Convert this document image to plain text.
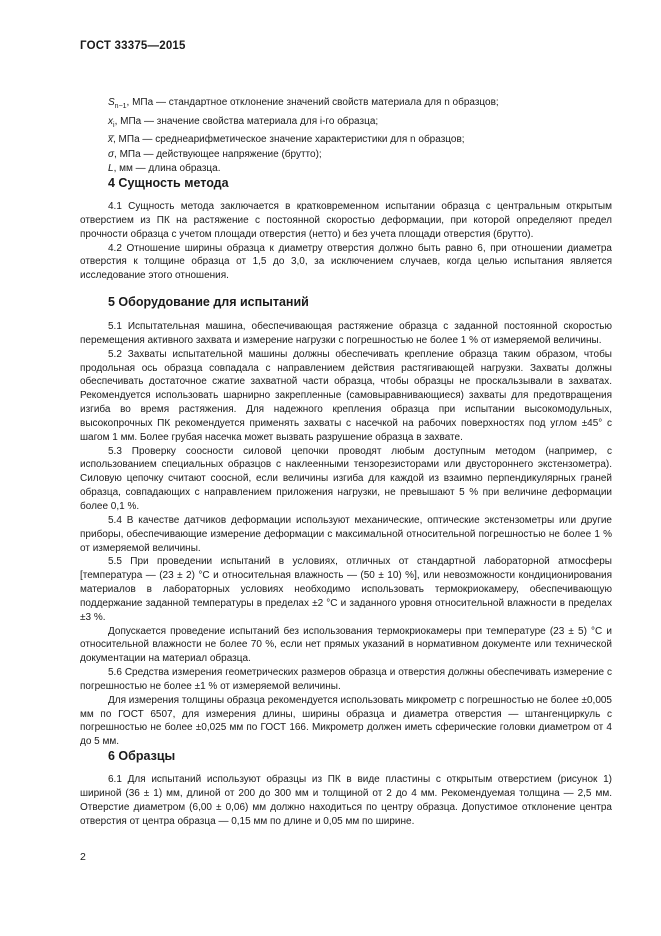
ГОСТ 33375—2015
$S_{n-1}$, МПа — стандартное отклонение значений свойств материала для n образцов;
$x_i$, МПа — значение свойства материала для i-го образца;
x̅, МПа — среднеарифметическое значение характеристики для n образцов;
σ, МПа — действующее напряжение (брутто);
L, мм — длина образца.
4 Сущность метода

4.1 Сущность метода заключается в кратковременном испытании образца с центральным открытым отверстием из ПК на растяжение с постоянной скоростью деформации, при которой определяют предел прочности образца с учетом площади отверстия (нетто) и без учета площади отверстия (брутто).

4.2 Отношение ширины образца к диаметру отверстия должно быть равно 6, при отношении диаметра отверстия к толщине образца от 1,5 до 3,0, за исключением случаев, когда целью испытания является исследование этого отношения.

5 Оборудование для испытаний

5.1 Испытательная машина, обеспечивающая растяжение образца с заданной постоянной скоростью перемещения активного захвата и измерение нагрузки с погрешностью не более 1 % от измеряемой величины.

5.2 Захваты испытательной машины должны обеспечивать крепление образца таким образом, чтобы продольная ось образца совпадала с направлением действия растягивающей нагрузки. Захваты должны обеспечивать достаточное сжатие захватной части образца, чтобы образцы не проскальзывали в захватах. Рекомендуется использовать шарнирно закрепленные (самовыравнивающиеся) захваты для предотвращения изгиба во время растяжения. Для надежного крепления образца при испытании высокомодульных, высокопрочных ПК рекомендуется применять захваты с насечкой на рабочих поверхностях под углом ±45° с шагом 1 мм. Более грубая насечка может вызвать разрушение образца в захвате.

5.3 Проверку соосности силовой цепочки проводят любым доступным методом (например, с использованием специальных образцов с наклеенными тензорезисторами или двустороннего экстензометра). Силовую цепочку считают соосной, если величины изгиба для каждой из взаимно перпендикулярных граней образца, совпадающих с направлением приложения нагрузки, не превышают 5 % при величине деформации более 0,1 %.

5.4 В качестве датчиков деформации используют механические, оптические экстензометры или другие приборы, обеспечивающие измерение деформации с максимальной относительной погрешностью не более 1 % от измеряемой величины.

5.5 При проведении испытаний в условиях, отличных от стандартной лабораторной атмосферы [температура — (23 ± 2) °С и относительная влажность — (50 ± 10) %], или невозможности кондиционирования материалов в лабораторных условиях необходимо использовать термокриокамеру, обеспечивающую поддержание заданной температуры в пределах ±2 °С и заданного уровня относительной влажности в пределах ±3 %.

Допускается проведение испытаний без использования термокриокамеры при температуре (23 ± 5) °С и относительной влажности не более 70 %, если нет прямых указаний в нормативном документе или технической документации на материал образца.

5.6 Средства измерения геометрических размеров образца и отверстия должны обеспечивать измерение с погрешностью не более ±1 % от измеряемой величины.

Для измерения толщины образца рекомендуется использовать микрометр с погрешностью не более ±0,005 мм по ГОСТ 6507, для измерения длины, ширины образца и диаметра отверстия — штангенциркуль с погрешностью не более ±0,025 мм по ГОСТ 166. Микрометр должен иметь сферические головки диаметром от 4 до 5 мм.

6 Образцы

6.1 Для испытаний используют образцы из ПК в виде пластины с открытым отверстием (рисунок 1) шириной (36 ± 1) мм, длиной от 200 до 300 мм и толщиной от 2 до 4 мм. Рекомендуемая толщина — 2,5 мм. Отверстие диаметром (6,00 ± 0,06) мм должно находиться по центру образца. Допустимое отклонение центра отверстия от центра образца — 0,15 мм по длине и 0,05 мм по ширине.

2
